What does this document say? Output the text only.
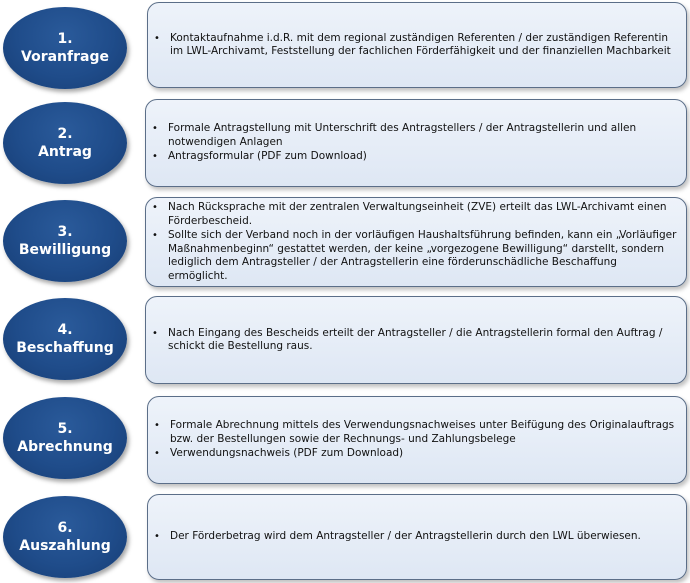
1.
Voranfrage
• Kontaktaufnahme i.d.R. mit dem regional zuständigen Referenten / der zuständigen Referentin im LWL-Archivamt, Feststellung der fachlichen Förderfähigkeit und der finanziellen Machbarkeit
2.
Antrag
• Formale Antragstellung mit Unterschrift des Antragstellers / der Antragstellerin und allen notwendigen Anlagen
• Antragsformular (PDF zum Download)
3.
Bewilligung
• Nach Rücksprache mit der zentralen Verwaltungseinheit (ZVE) erteilt das LWL-Archivamt einen Förderbescheid.
• Sollte sich der Verband noch in der vorläufigen Haushaltsführung befinden, kann ein „Vorläufiger Maßnahmenbeginn“ gestattet werden, der keine „vorgezogene Bewilligung“ darstellt, sondern lediglich dem Antragsteller / der Antragstellerin eine förderunschädliche Beschaffung ermöglicht.
4.
Beschaffung
• Nach Eingang des Bescheids erteilt der Antragsteller / die Antragstellerin formal den Auftrag / schickt die Bestellung raus.
5.
Abrechnung
• Formale Abrechnung mittels des Verwendungsnachweises unter Beifügung des Originalauftrags bzw. der Bestellungen sowie der Rechnungs- und Zahlungsbelege
• Verwendungsnachweis (PDF zum Download)
6.
Auszahlung
• Der Förderbetrag wird dem Antragsteller / der Antragstellerin durch den LWL überwiesen.
